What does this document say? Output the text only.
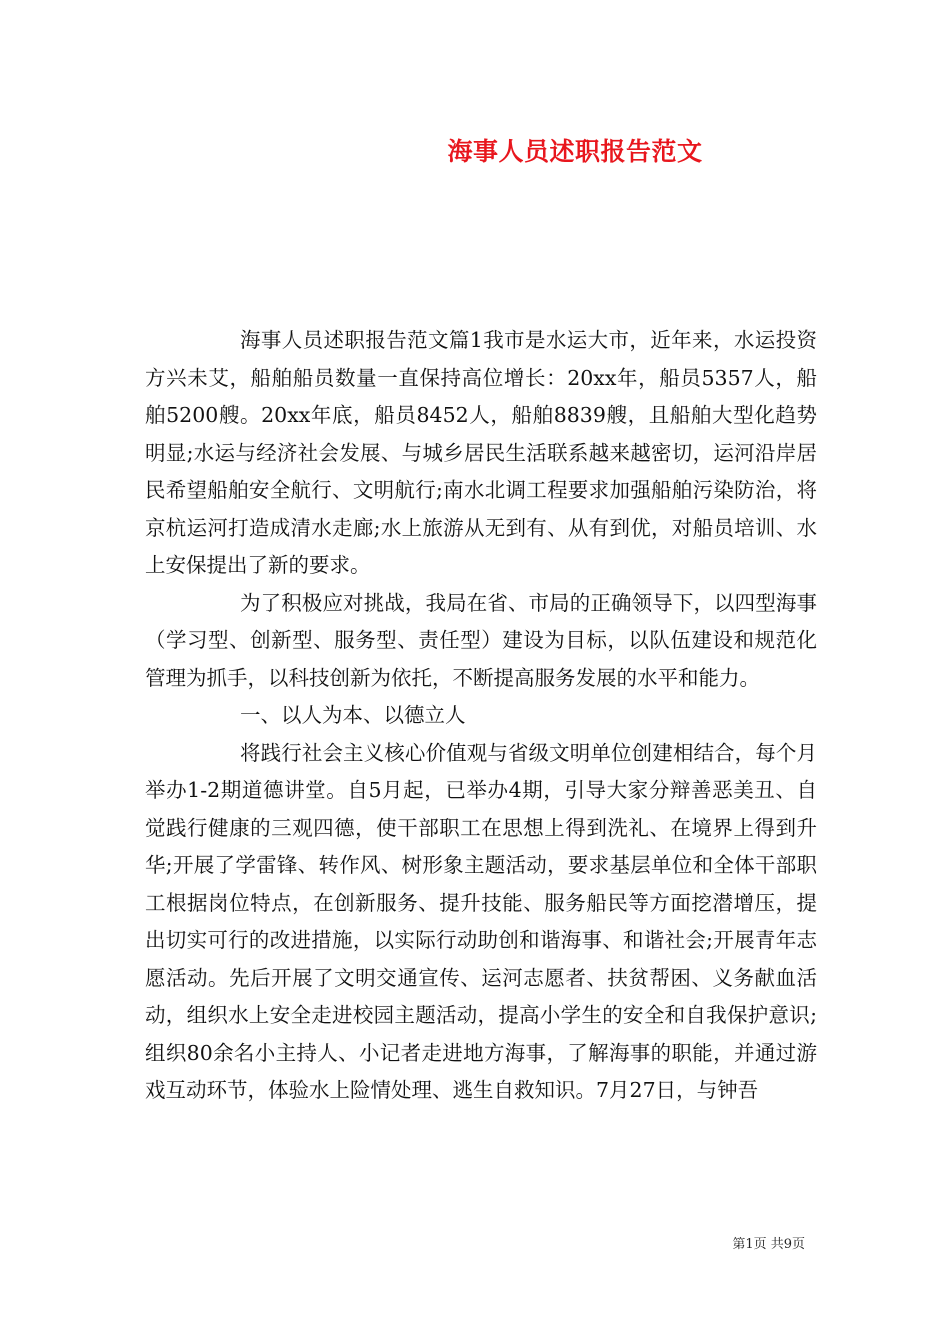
海事人员述职报告范文

海事人员述职报告范文篇1我市是水运大市，近年来，水运投资方兴未艾，船舶船员数量一直保持高位增长：20xx年，船员5357人，船舶5200艘。20xx年底，船员8452人，船舶8839艘，且船舶大型化趋势明显;水运与经济社会发展、与城乡居民生活联系越来越密切，运河沿岸居民希望船舶安全航行、文明航行;南水北调工程要求加强船舶污染防治，将京杭运河打造成清水走廊;水上旅游从无到有、从有到优，对船员培训、水上安保提出了新的要求。

为了积极应对挑战，我局在省、市局的正确领导下，以四型海事（学习型、创新型、服务型、责任型）建设为目标，以队伍建设和规范化管理为抓手，以科技创新为依托，不断提高服务发展的水平和能力。

一、以人为本、以德立人

将践行社会主义核心价值观与省级文明单位创建相结合，每个月举办1-2期道德讲堂。自5月起，已举办4期，引导大家分辩善恶美丑、自觉践行健康的三观四德，使干部职工在思想上得到洗礼、在境界上得到升华;开展了学雷锋、转作风、树形象主题活动，要求基层单位和全体干部职工根据岗位特点，在创新服务、提升技能、服务船民等方面挖潜增压，提出切实可行的改进措施，以实际行动助创和谐海事、和谐社会;开展青年志愿活动。先后开展了文明交通宣传、运河志愿者、扶贫帮困、义务献血活动，组织水上安全走进校园主题活动，提高小学生的安全和自我保护意识;组织80余名小主持人、小记者走进地方海事，了解海事的职能，并通过游戏互动环节，体验水上险情处理、逃生自救知识。7月27日，与钟吾

第1页 共9页
